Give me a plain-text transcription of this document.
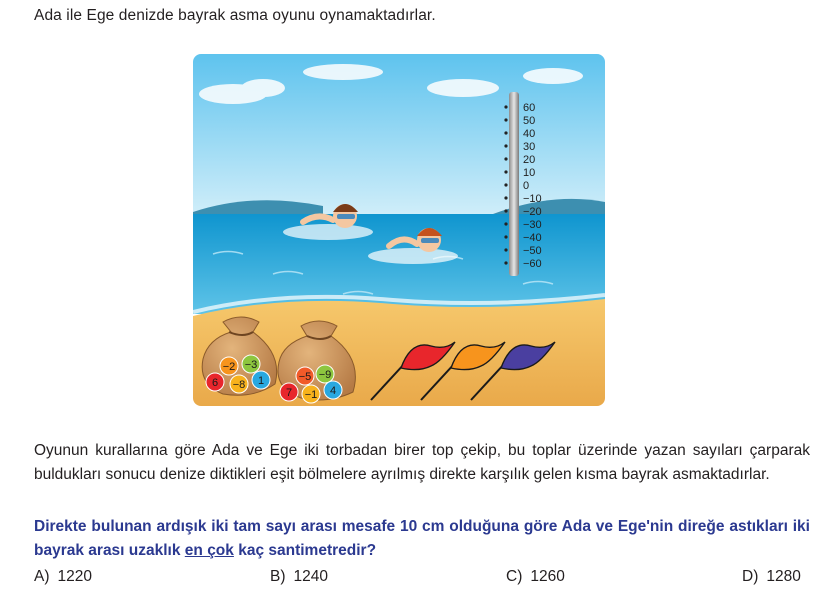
Ada ile Ege denizde bayrak asma oyunu oynamaktadırlar.
60
50
40
30
20
10
0
−10
−20
−30
−40
−50
−60
−2 −3
6 −8 1	−5 −9
7 −1 4
Oyunun kurallarına göre Ada ve Ege iki torbadan birer top çekip, bu toplar üzerinde yazan sayıları çarparak buldukları sonucu denize diktikleri eşit bölmelere ayrılmış direkte karşılık gelen kısma bayrak asmaktadırlar.
Direkte bulunan ardışık iki tam sayı arası mesafe 10 cm olduğuna göre Ada ve Ege'nin direğe astıkları iki bayrak arası uzaklık en çok kaç santimetredir?
A) 1220	B) 1240	C) 1260	D) 1280
